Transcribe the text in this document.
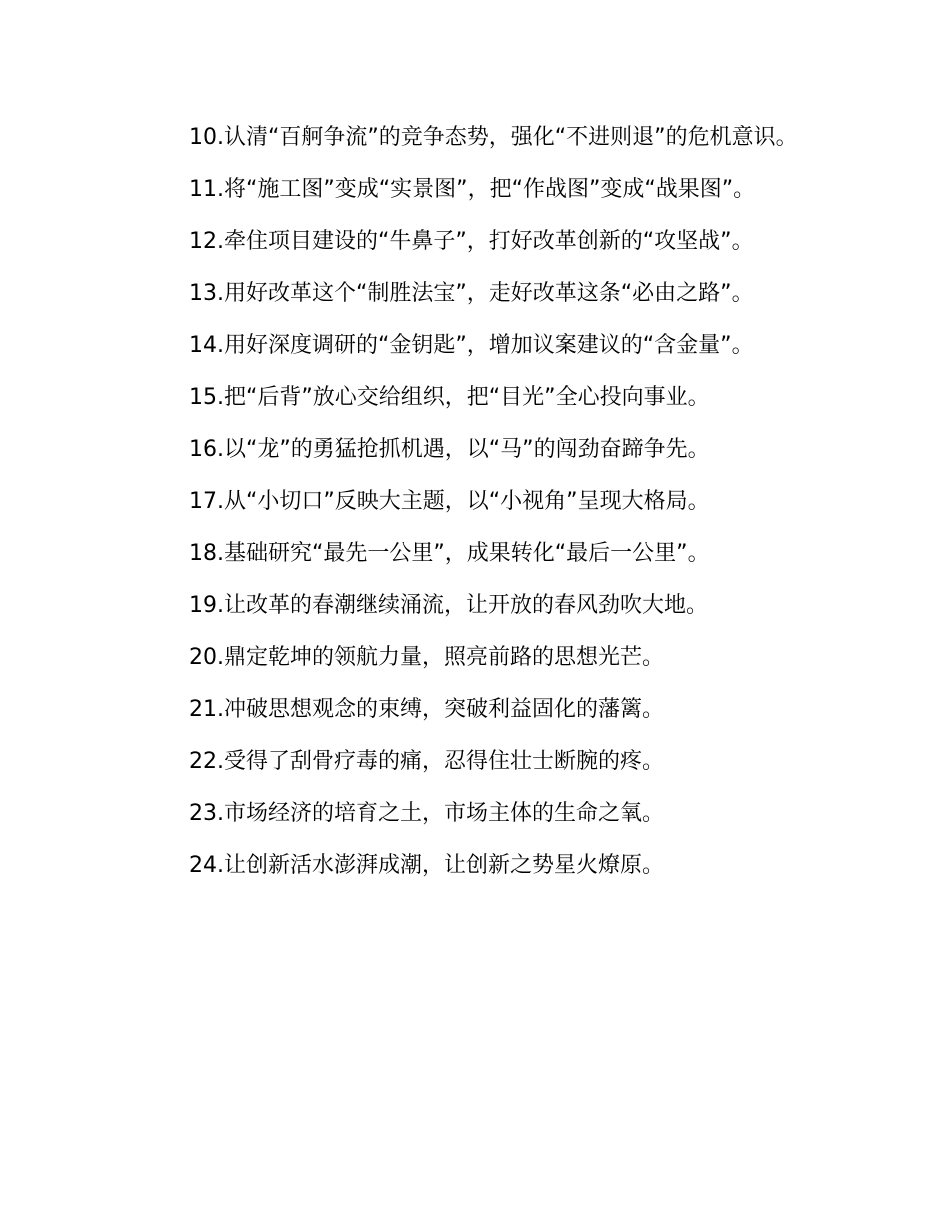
10.认清“百舸争流”的竞争态势，强化“不进则退”的危机意识。

11.将“施工图”变成“实景图”，把“作战图”变成“战果图”。

12.牵住项目建设的“牛鼻子”，打好改革创新的“攻坚战”。

13.用好改革这个“制胜法宝”，走好改革这条“必由之路”。

14.用好深度调研的“金钥匙”，增加议案建议的“含金量”。

15.把“后背”放心交给组织，把“目光”全心投向事业。

16.以“龙”的勇猛抢抓机遇，以“马”的闯劲奋蹄争先。

17.从“小切口”反映大主题，以“小视角”呈现大格局。

18.基础研究“最先一公里”，成果转化“最后一公里”。

19.让改革的春潮继续涌流，让开放的春风劲吹大地。

20.鼎定乾坤的领航力量，照亮前路的思想光芒。

21.冲破思想观念的束缚，突破利益固化的藩篱。

22.受得了刮骨疗毒的痛，忍得住壮士断腕的疼。

23.市场经济的培育之土，市场主体的生命之氧。

24.让创新活水澎湃成潮，让创新之势星火燎原。
